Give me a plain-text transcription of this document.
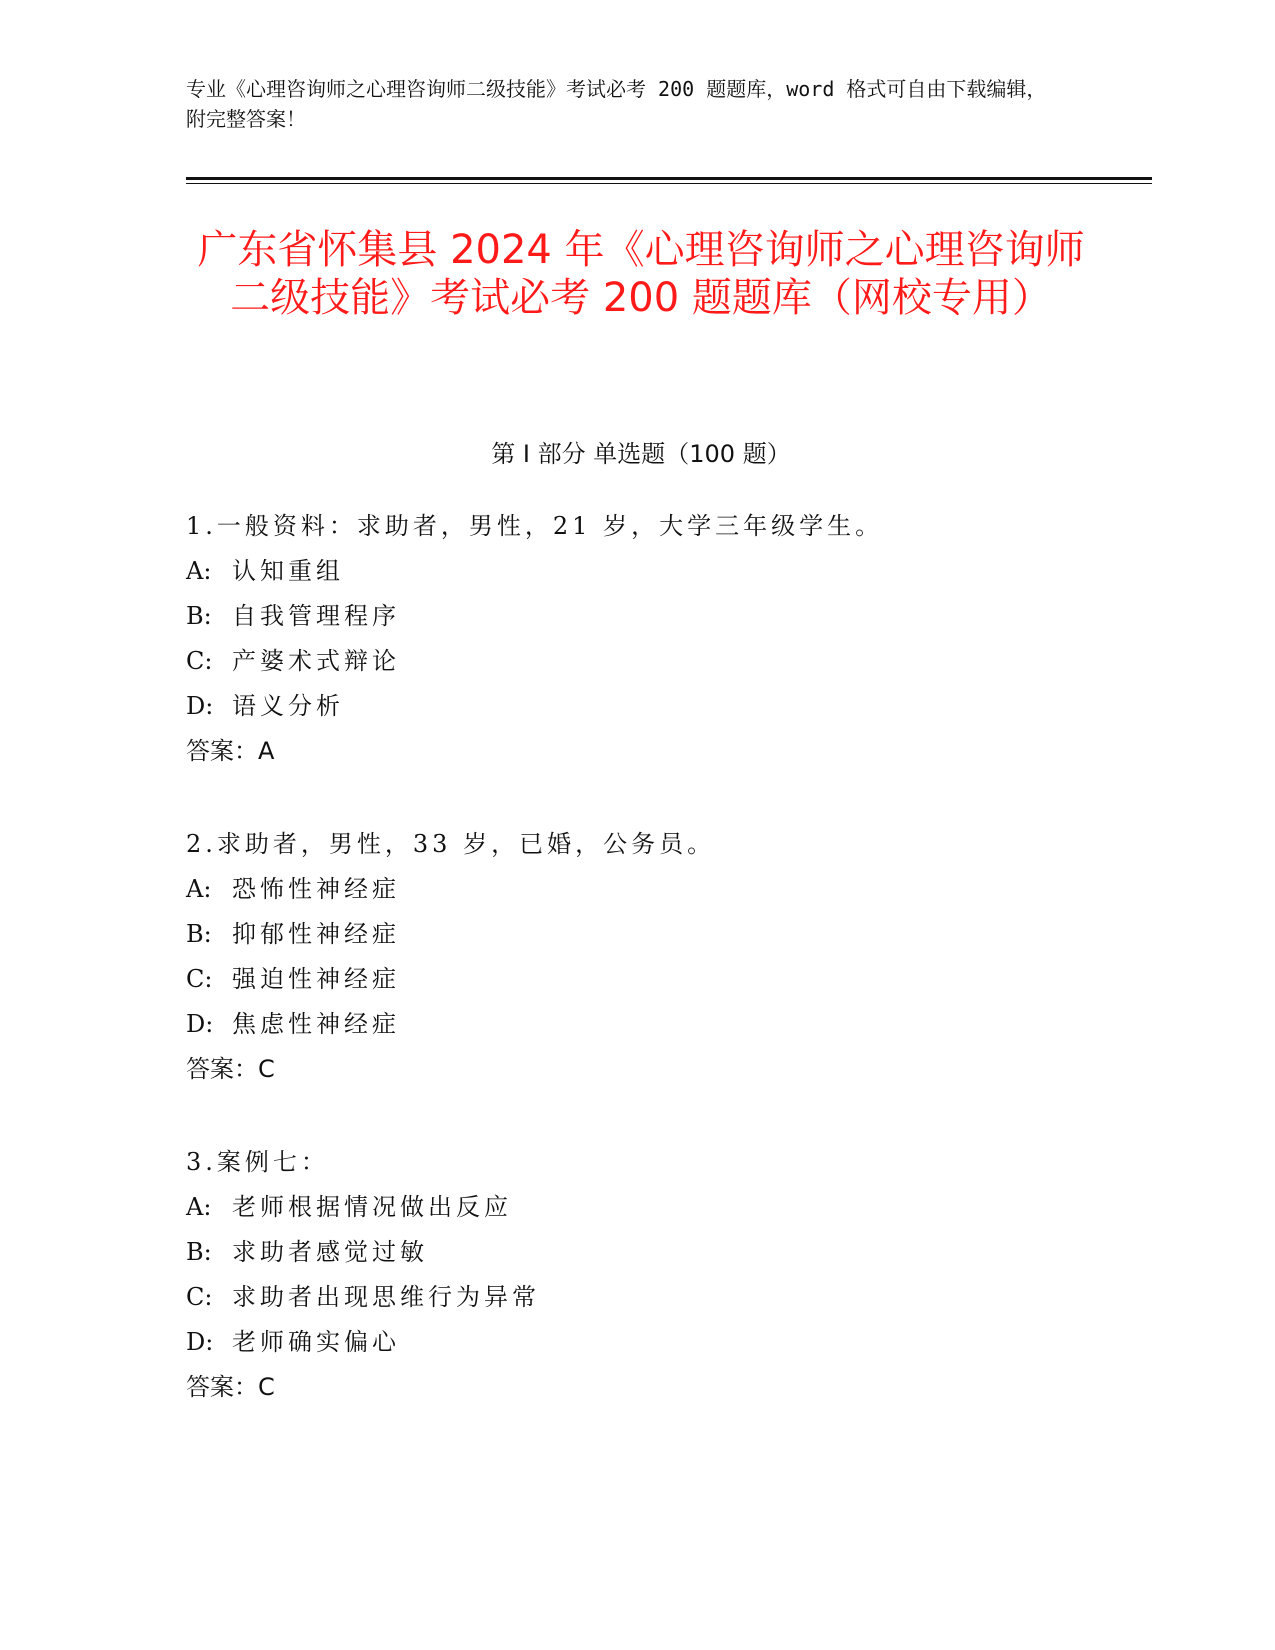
专业《心理咨询师之心理咨询师二级技能》考试必考 200 题题库，word 格式可自由下载编辑，附完整答案！
广东省怀集县 2024 年《心理咨询师之心理咨询师二级技能》考试必考 200 题题库（网校专用）
第 I 部分 单选题（100 题）
1.一般资料：求助者，男性，21 岁，大学三年级学生。
A: 认知重组
B: 自我管理程序
C: 产婆术式辩论
D: 语义分析
答案：A
2.求助者，男性，33 岁，已婚，公务员。
A: 恐怖性神经症
B: 抑郁性神经症
C: 强迫性神经症
D: 焦虑性神经症
答案：C
3.案例七：
A: 老师根据情况做出反应
B: 求助者感觉过敏
C: 求助者出现思维行为异常
D: 老师确实偏心
答案：C
